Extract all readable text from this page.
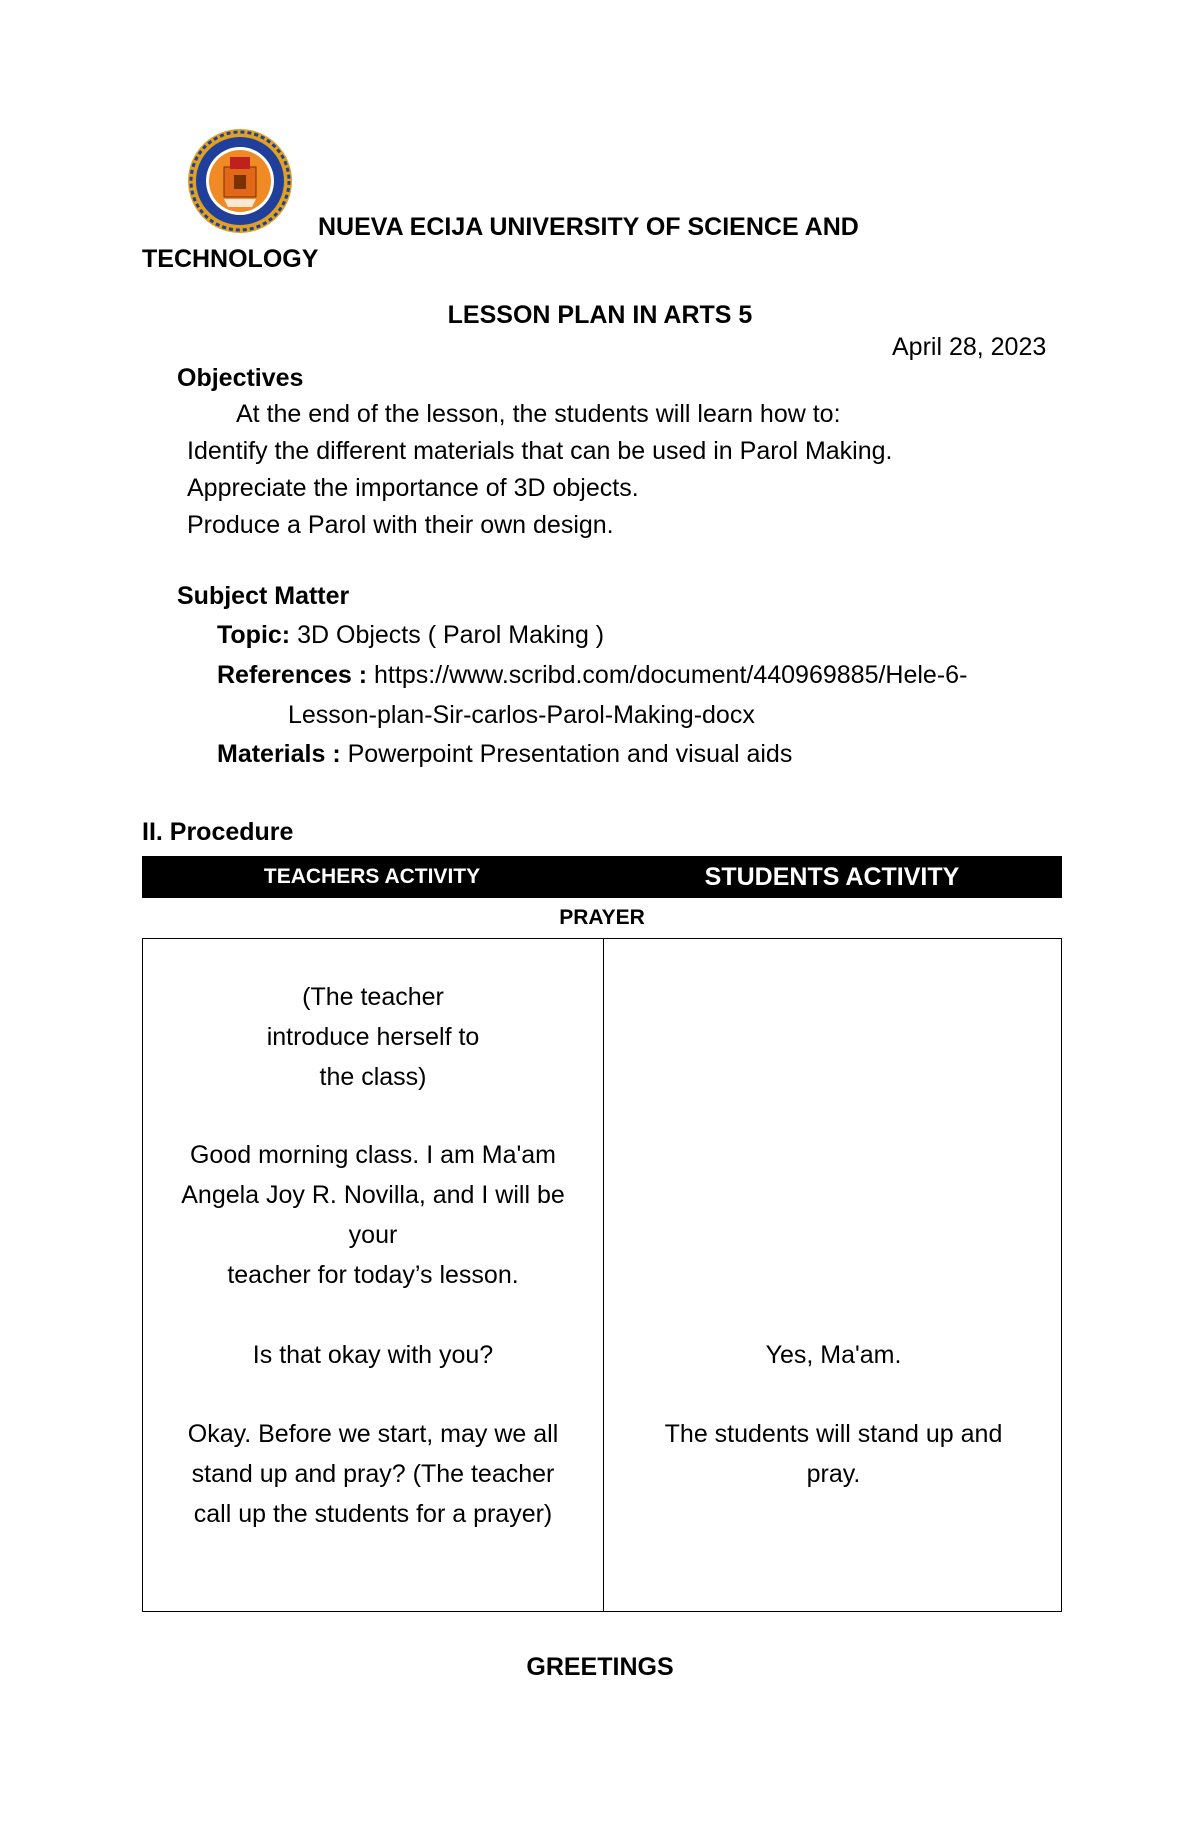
NUEVA ECIJA UNIVERSITY OF SCIENCE AND
TECHNOLOGY
LESSON PLAN IN ARTS 5
April 28, 2023
Objectives
At the end of the lesson, the students will learn how to:
Identify the different materials that can be used in Parol Making.
Appreciate the importance of 3D objects.
Produce a Parol with their own design.
Subject Matter
Topic: 3D Objects ( Parol Making )
References : https://www.scribd.com/document/440969885/Hele-6-
Lesson-plan-Sir-carlos-Parol-Making-docx
Materials : Powerpoint Presentation and visual aids
II. Procedure
TEACHERS ACTIVITY	STUDENTS ACTIVITY
PRAYER
(The teacher
introduce herself to
the class)
Good morning class. I am Ma'am
Angela Joy R. Novilla, and I will be
your
teacher for today’s lesson.
Is that okay with you?
Okay. Before we start, may we all
stand up and pray? (The teacher
call up the students for a prayer)
Yes, Ma'am.
The students will stand up and
pray.
GREETINGS
